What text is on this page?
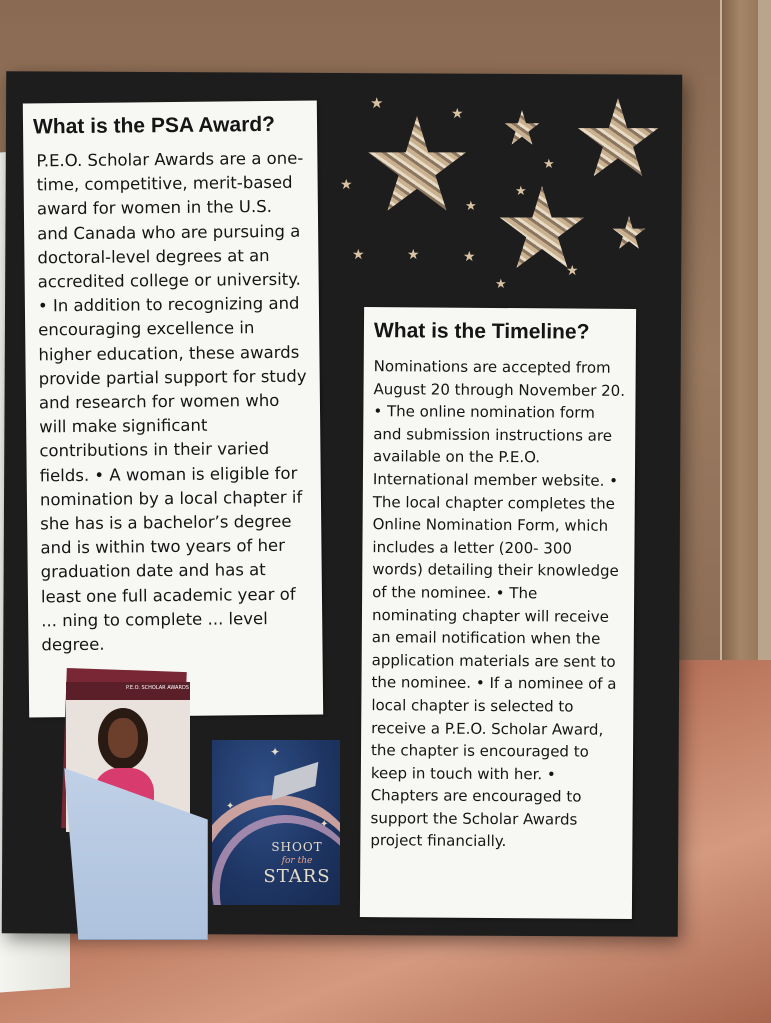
★
★
★
★
★
★
★	★	★
★
★
What is the PSA Award?

P.E.O. Scholar Awards are a one-time, competitive, merit-based award for women in the U.S. and Canada who are pursuing a doctoral-level degrees at an accredited college or university. • In addition to recognizing and encouraging excellence in higher education, these awards provide partial support for study and research for women who will make significant contributions in their varied fields. • A woman is eligible for nomination by a local chapter if she has is a bachelor’s degree and is within two years of her graduation date and has at least one full academic year of ... ning to complete ... level degree.

What is the Timeline?

Nominations are accepted from August 20 through November 20. • The online nomination form and submission instructions are available on the P.E.O. International member website. • The local chapter completes the Online Nomination Form, which includes a letter (200- 300 words) detailing their knowledge of the nominee. • The nominating chapter will receive an email notification when the application materials are sent to the nominee. • If a nominee of a local chapter is selected to receive a P.E.O. Scholar Award, the chapter is encouraged to keep in touch with her. • Chapters are encouraged to support the Scholar Awards project financially.

P.E.O. SCHOLAR AWARDS
✦
✦
✦
SHOOT
for the
STARS
